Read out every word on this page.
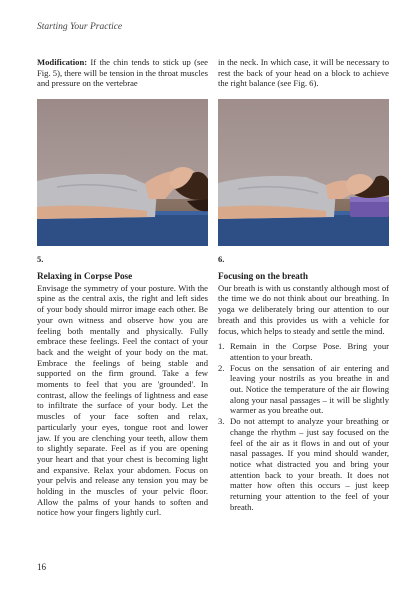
Starting Your Practice
Modification: If the chin tends to stick up (see Fig. 5), there will be tension in the throat muscles and pressure on the vertebrae
in the neck. In which case, it will be necessary to rest the back of your head on a block to achieve the right balance (see Fig. 6).
5.	6.
Relaxing in Corpse Pose
Envisage the symmetry of your posture. With the spine as the central axis, the right and left sides of your body should mirror image each other. Be your own witness and observe how you are feeling both mentally and physically. Fully embrace these feelings. Feel the contact of your back and the weight of your body on the mat. Embrace the feelings of being stable and supported on the firm ground. Take a few moments to feel that you are 'grounded'. In contrast, allow the feelings of lightness and ease to infiltrate the surface of your body. Let the muscles of your face soften and relax, particularly your eyes, tongue root and lower jaw. If you are clenching your teeth, allow them to slightly separate. Feel as if you are opening your heart and that your chest is becoming light and expansive. Relax your abdomen. Focus on your pelvis and release any tension you may be holding in the muscles of your pelvic floor. Allow the palms of your hands to soften and notice how your fingers lightly curl.
Focusing on the breath
Our breath is with us constantly although most of the time we do not think about our breathing. In yoga we deliberately bring our attention to our breath and this provides us with a vehicle for focus, which helps to steady and settle the mind.
1. Remain in the Corpse Pose. Bring your attention to your breath.
2. Focus on the sensation of air entering and leaving your nostrils as you breathe in and out. Notice the temperature of the air flowing along your nasal passages – it will be slightly warmer as you breathe out.
3. Do not attempt to analyze your breathing or change the rhythm – just say focused on the feel of the air as it flows in and out of your nasal passages. If you mind should wander, notice what distracted you and bring your attention back to your breath. It does not matter how often this occurs – just keep returning your attention to the feel of your breath.
16
